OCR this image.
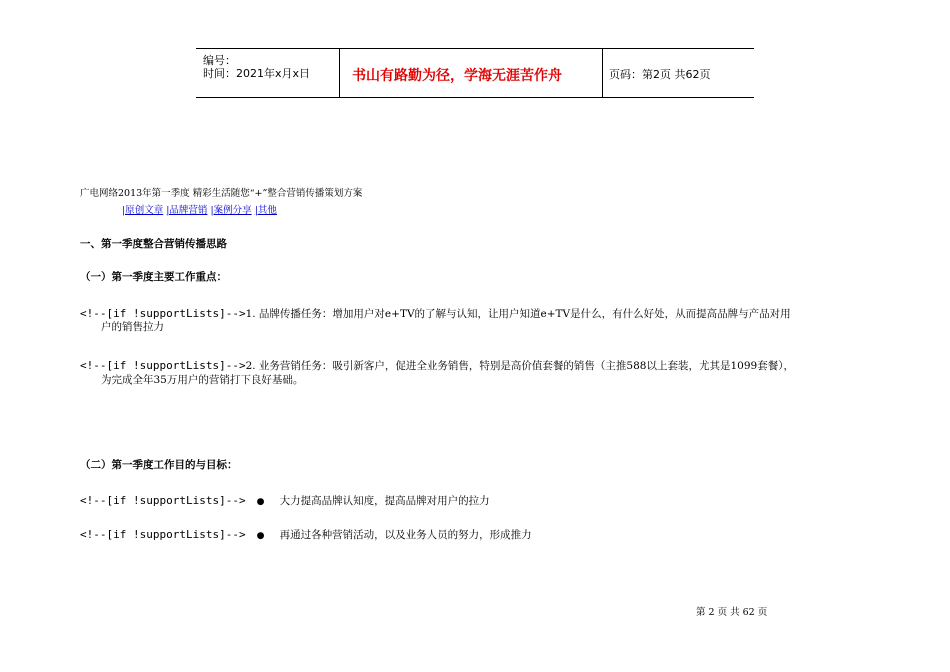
编号：
时间：2021年x月x日	书山有路勤为径，学海无涯苦作舟	页码：第2页 共62页
广电网络2013年第一季度 精彩生活随您“+”整合营销传播策划方案
|原创文章 |品牌营销 |案例分享 |其他
一、第一季度整合营销传播思路
（一）第一季度主要工作重点：
<!--[if !supportLists]-->1. 品牌传播任务：增加用户对e+TV的了解与认知，让用户知道e+TV是什么，有什么好处，从而提高品牌与产品对用
户的销售拉力
<!--[if !supportLists]-->2. 业务营销任务：吸引新客户，促进全业务销售，特别是高价值套餐的销售（主推588以上套装，尤其是1099套餐），
为完成全年35万用户的营销打下良好基础。
（二）第一季度工作目的与目标：
<!--[if !supportLists]--> ● 大力提高品牌认知度，提高品牌对用户的拉力
<!--[if !supportLists]--> ● 再通过各种营销活动，以及业务人员的努力，形成推力
第 2 页 共 62 页
